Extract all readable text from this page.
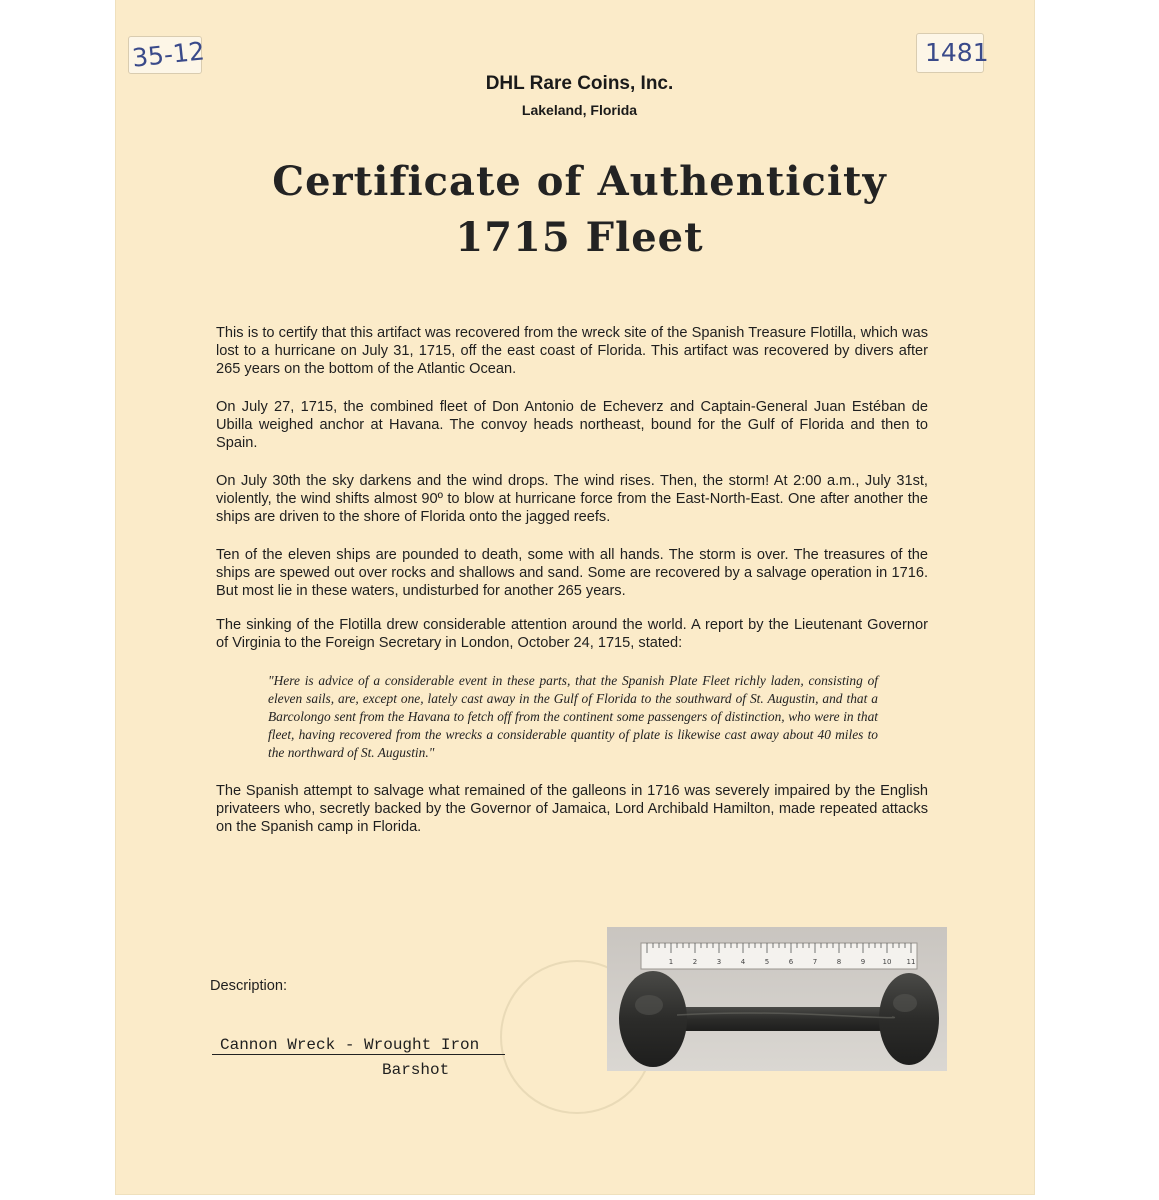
35-12	1481
DHL Rare Coins, Inc.
Lakeland, Florida
Certificate of Authenticity
1715 Fleet
This is to certify that this artifact was recovered from the wreck site of the Spanish Treasure Flotilla, which was lost to a hurricane on July 31, 1715, off the east coast of Florida. This artifact was recovered by divers after 265 years on the bottom of the Atlantic Ocean.
On July 27, 1715, the combined fleet of Don Antonio de Echeverz and Captain-General Juan Estéban de Ubilla weighed anchor at Havana. The convoy heads northeast, bound for the Gulf of Florida and then to Spain.
On July 30th the sky darkens and the wind drops. The wind rises. Then, the storm! At 2:00 a.m., July 31st, violently, the wind shifts almost 90º to blow at hurricane force from the East-North-East. One after another the ships are driven to the shore of Florida onto the jagged reefs.
Ten of the eleven ships are pounded to death, some with all hands. The storm is over. The treasures of the ships are spewed out over rocks and shallows and sand. Some are recovered by a salvage operation in 1716. But most lie in these waters, undisturbed for another 265 years.
The sinking of the Flotilla drew considerable attention around the world. A report by the Lieutenant Governor of Virginia to the Foreign Secretary in London, October 24, 1715, stated:
"Here is advice of a considerable event in these parts, that the Spanish Plate Fleet richly laden, consisting of eleven sails, are, except one, lately cast away in the Gulf of Florida to the southward of St. Augustin, and that a Barcolongo sent from the Havana to fetch off from the continent some passengers of distinction, who were in that fleet, having recovered from the wrecks a considerable quantity of plate is likewise cast away about 40 miles to the northward of St. Augustin."
The Spanish attempt to salvage what remained of the galleons in 1716 was severely impaired by the English privateers who, secretly backed by the Governor of Jamaica, Lord Archibald Hamilton, made repeated attacks on the Spanish camp in Florida.
Description:
Cannon Wreck - Wrought Iron
Barshot
1	2	3	4	5	6	7	8	9 10 11
